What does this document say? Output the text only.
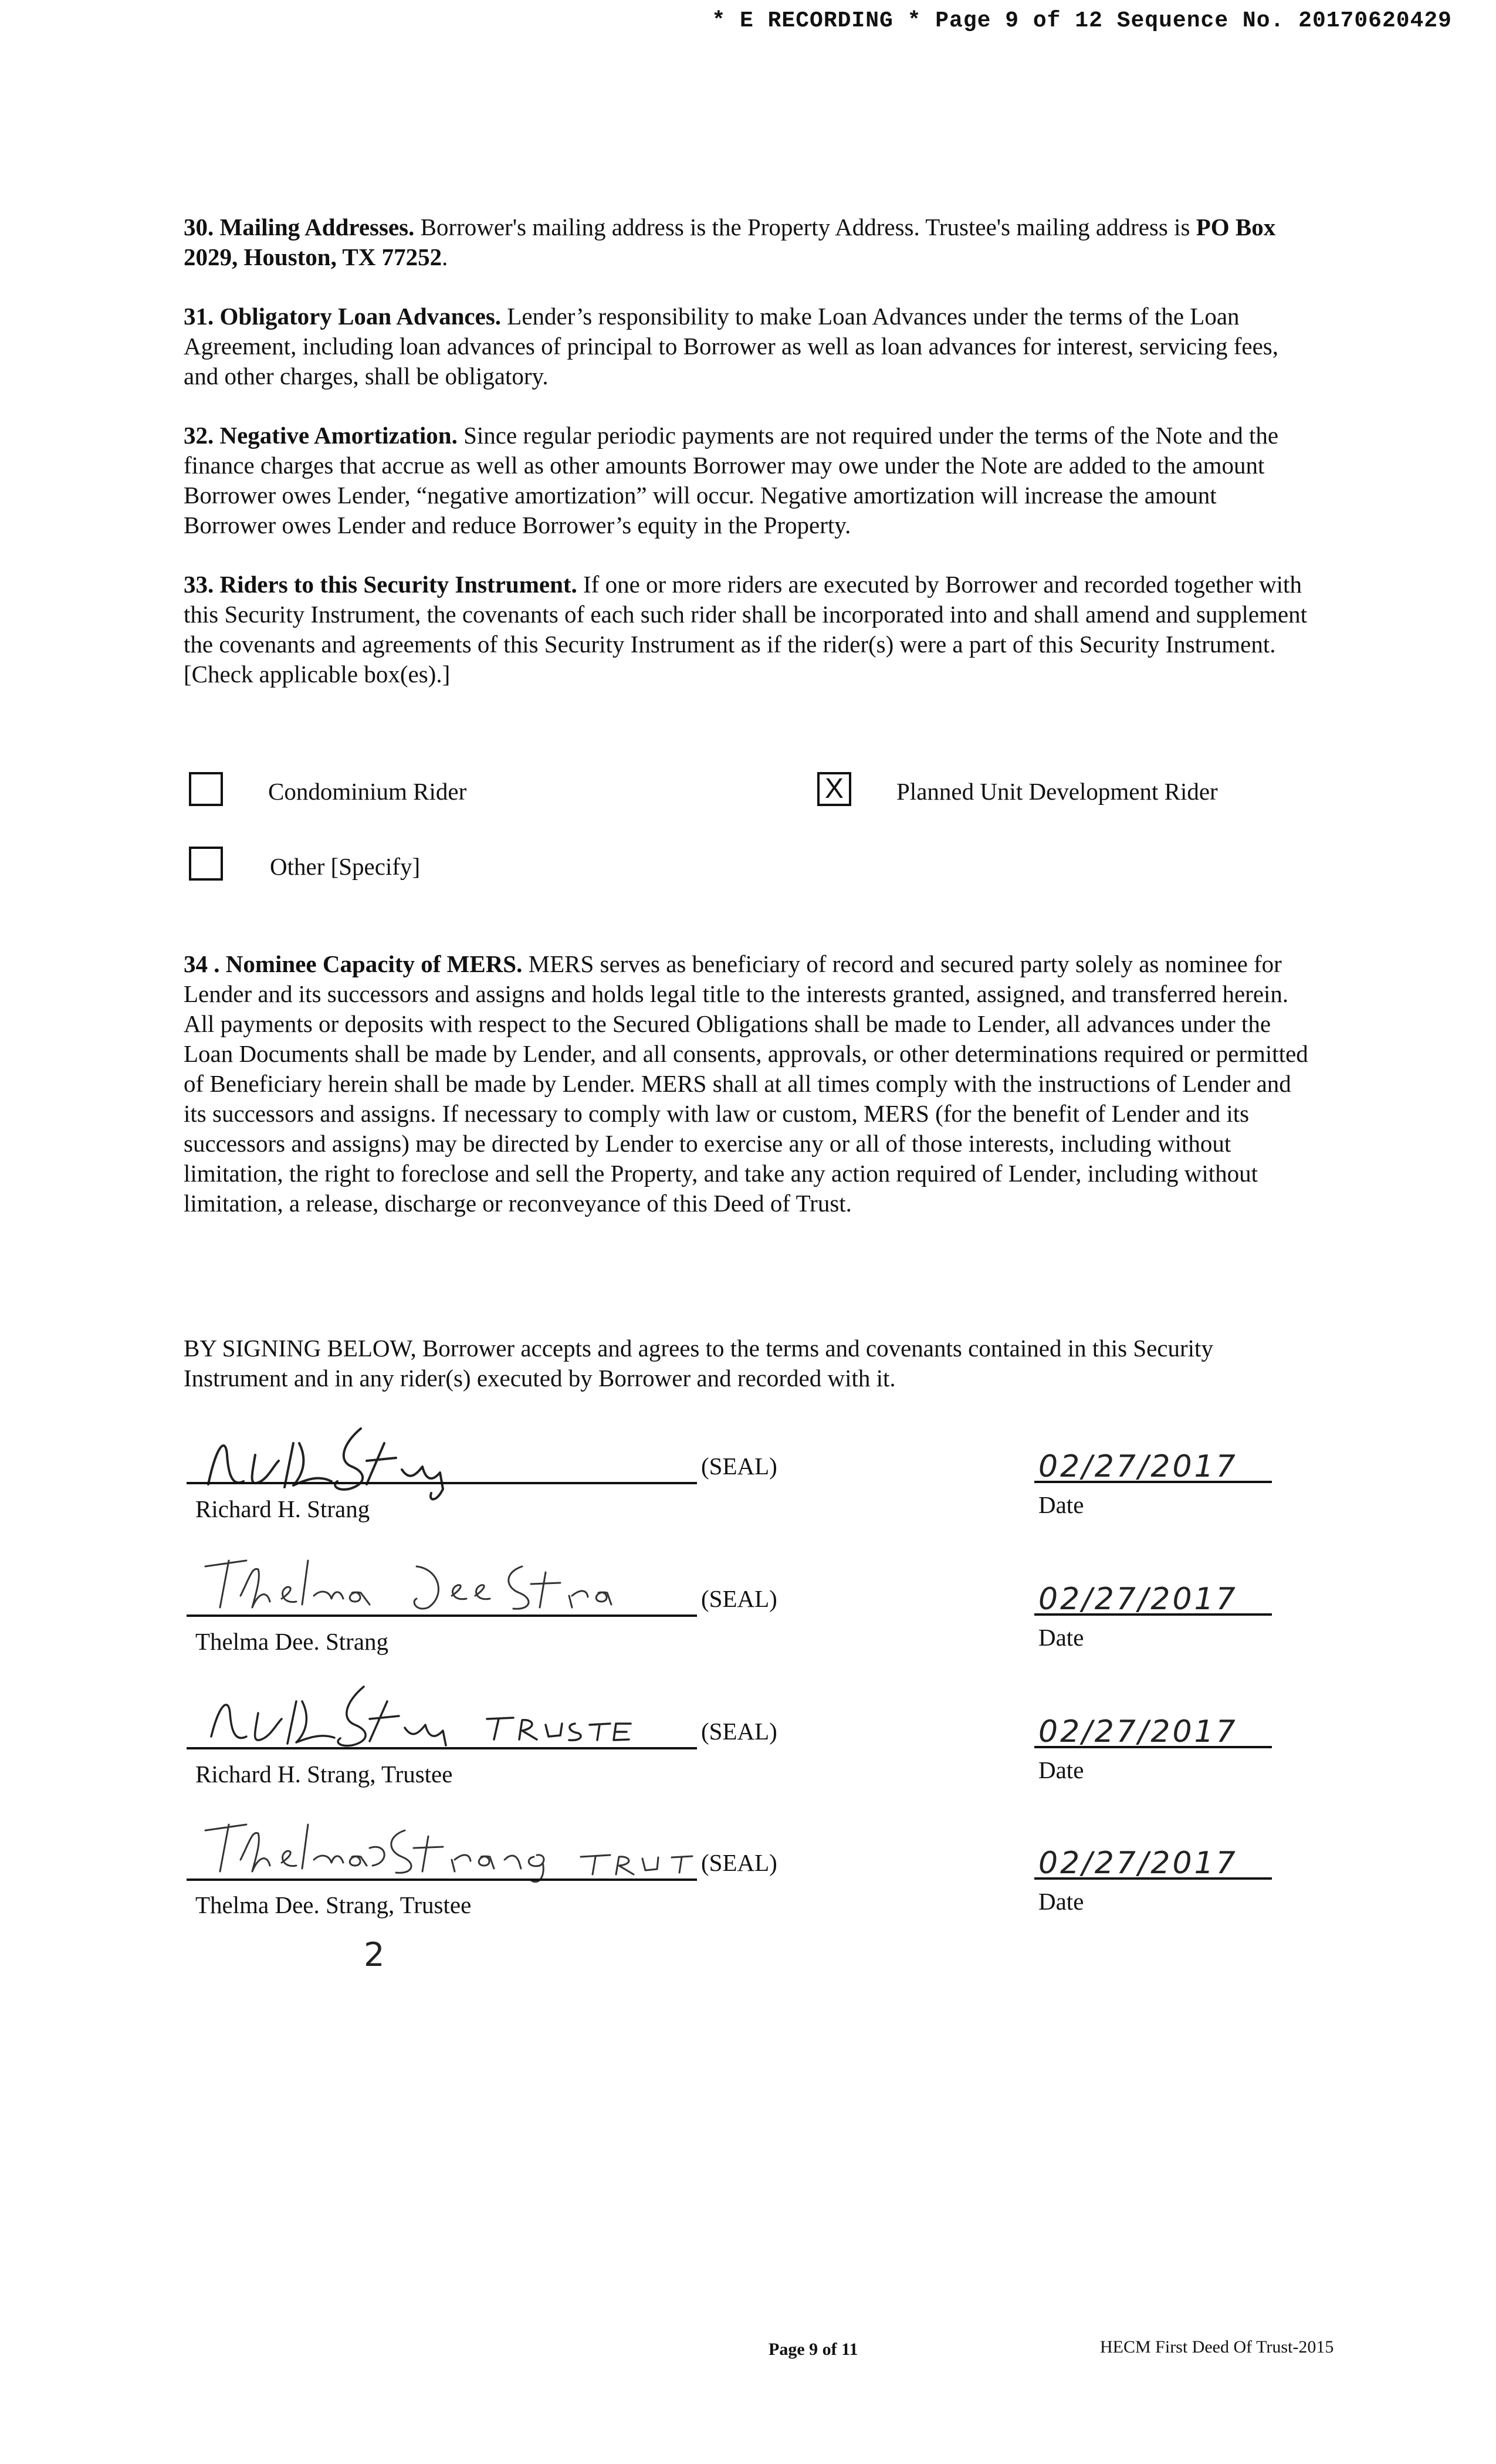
* E RECORDING * Page 9 of 12 Sequence No. 20170620429
30. Mailing Addresses. Borrower's mailing address is the Property Address. Trustee's mailing address is PO Box 2029, Houston, TX 77252.
31. Obligatory Loan Advances. Lender’s responsibility to make Loan Advances under the terms of the Loan Agreement, including loan advances of principal to Borrower as well as loan advances for interest, servicing fees, and other charges, shall be obligatory.
32. Negative Amortization. Since regular periodic payments are not required under the terms of the Note and the finance charges that accrue as well as other amounts Borrower may owe under the Note are added to the amount Borrower owes Lender, “negative amortization” will occur. Negative amortization will increase the amount Borrower owes Lender and reduce Borrower’s equity in the Property.
33. Riders to this Security Instrument. If one or more riders are executed by Borrower and recorded together with this Security Instrument, the covenants of each such rider shall be incorporated into and shall amend and supplement the covenants and agreements of this Security Instrument as if the rider(s) were a part of this Security Instrument. [Check applicable box(es).]
Condominium Rider	X	Planned Unit Development Rider
Other [Specify]
34 . Nominee Capacity of MERS. MERS serves as beneficiary of record and secured party solely as nominee for Lender and its successors and assigns and holds legal title to the interests granted, assigned, and transferred herein. All payments or deposits with respect to the Secured Obligations shall be made to Lender, all advances under the Loan Documents shall be made by Lender, and all consents, approvals, or other determinations required or permitted of Beneficiary herein shall be made by Lender. MERS shall at all times comply with the instructions of Lender and its successors and assigns. If necessary to comply with law or custom, MERS (for the benefit of Lender and its successors and assigns) may be directed by Lender to exercise any or all of those interests, including without limitation, the right to foreclose and sell the Property, and take any action required of Lender, including without limitation, a release, discharge or reconveyance of this Deed of Trust.
BY SIGNING BELOW, Borrower accepts and agrees to the terms and covenants contained in this Security Instrument and in any rider(s) executed by Borrower and recorded with it.
(SEAL)
Richard H. Strang
02/27/2017
Date
(SEAL)
Thelma Dee. Strang
02/27/2017
Date
(SEAL)
Richard H. Strang, Trustee
02/27/2017
Date
(SEAL)
Thelma Dee. Strang, Trustee
02/27/2017
Date
2
Page 9 of 11	HECM First Deed Of Trust-2015
